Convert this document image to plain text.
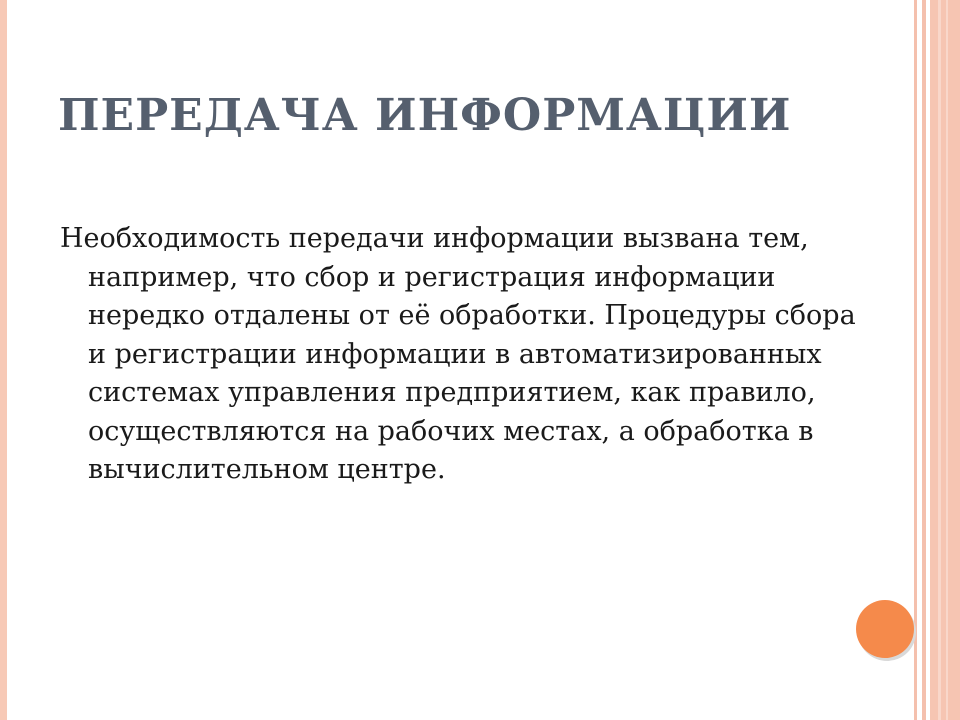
ПЕРЕДАЧА ИНФОРМАЦИИ

Необходимость передачи информации вызвана тем, например, что сбор и регистрация информации нередко отдалены от её обработки. Процедуры сбора и регистрации информации в автоматизированных системах управления предприятием, как правило, осуществляются на рабочих местах, а обработка в вычислительном центре.
